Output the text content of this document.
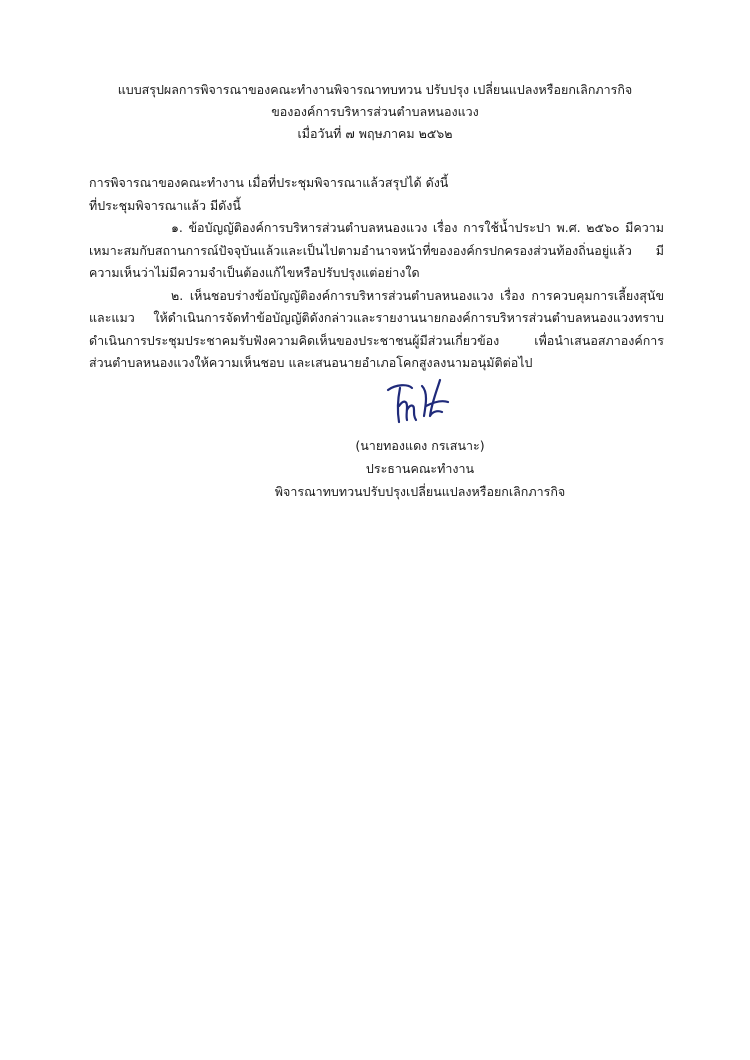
แบบสรุปผลการพิจารณาของคณะทำงานพิจารณาทบทวน ปรับปรุง เปลี่ยนแปลงหรือยกเลิกภารกิจ
ขององค์การบริหารส่วนตำบลหนองแวง
เมื่อวันที่ ๗ พฤษภาคม ๒๕๖๒
การพิจารณาของคณะทำงาน เมื่อที่ประชุมพิจารณาแล้วสรุปได้ ดังนี้
ที่ประชุมพิจารณาแล้ว มีดังนี้
๑. ข้อบัญญัติองค์การบริหารส่วนตำบลหนองแวง เรื่อง การใช้น้ำประปา พ.ศ. ๒๕๖๐ มีความ
เหมาะสมกับสถานการณ์ปัจจุบันแล้วและเป็นไปตามอำนาจหน้าที่ขององค์กรปกครองส่วนท้องถิ่นอยู่แล้ว มี
ความเห็นว่าไม่มีความจำเป็นต้องแก้ไขหรือปรับปรุงแต่อย่างใด
๒. เห็นชอบร่างข้อบัญญัติองค์การบริหารส่วนตำบลหนองแวง เรื่อง การควบคุมการเลี้ยงสุนัข
และแมว ให้ดำเนินการจัดทำข้อบัญญัติดังกล่าวและรายงานนายกองค์การบริหารส่วนตำบลหนองแวงทราบ
ดำเนินการประชุมประชาคมรับฟังความคิดเห็นของประชาชนผู้มีส่วนเกี่ยวข้อง เพื่อนำเสนอสภาองค์การ
ส่วนตำบลหนองแวงให้ความเห็นชอบ และเสนอนายอำเภอโคกสูงลงนามอนุมัติต่อไป
(นายทองแดง กรเสนาะ)
ประธานคณะทำงาน
พิจารณาทบทวนปรับปรุงเปลี่ยนแปลงหรือยกเลิกภารกิจ
